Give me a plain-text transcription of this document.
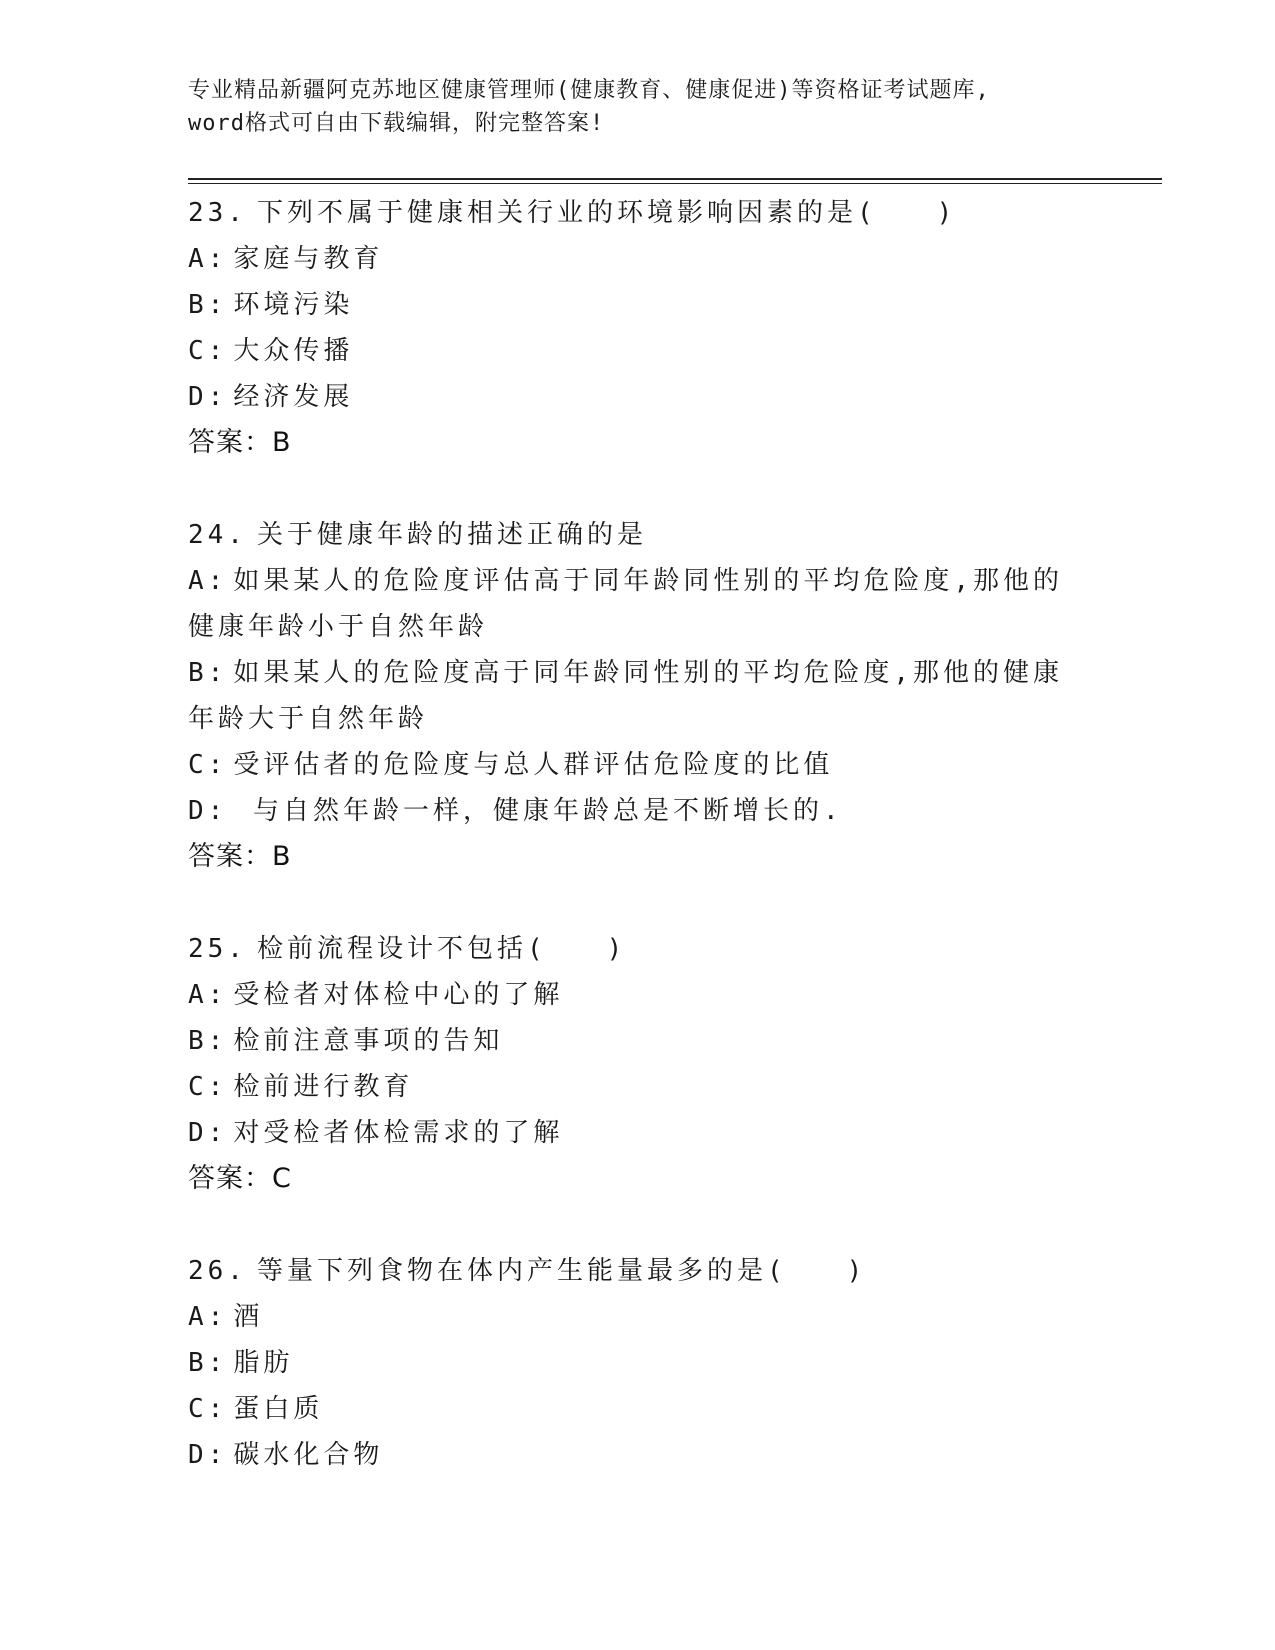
专业精品新疆阿克苏地区健康管理师(健康教育、健康促进)等资格证考试题库,
word格式可自由下载编辑，附完整答案!
23. 下列不属于健康相关行业的环境影响因素的是(　　)
A: 家庭与教育
B: 环境污染
C: 大众传播
D: 经济发展
答案：B
24. 关于健康年龄的描述正确的是
A: 如果某人的危险度评估高于同年龄同性别的平均危险度,那他的健康年龄小于自然年龄
B: 如果某人的危险度高于同年龄同性别的平均危险度,那他的健康年龄大于自然年龄
C: 受评估者的危险度与总人群评估危险度的比值
D: 与自然年龄一样，健康年龄总是不断增长的.
答案：B
25. 检前流程设计不包括(　　)
A: 受检者对体检中心的了解
B: 检前注意事项的告知
C: 检前进行教育
D: 对受检者体检需求的了解
答案：C
26. 等量下列食物在体内产生能量最多的是(　　)
A: 酒
B: 脂肪
C: 蛋白质
D: 碳水化合物
